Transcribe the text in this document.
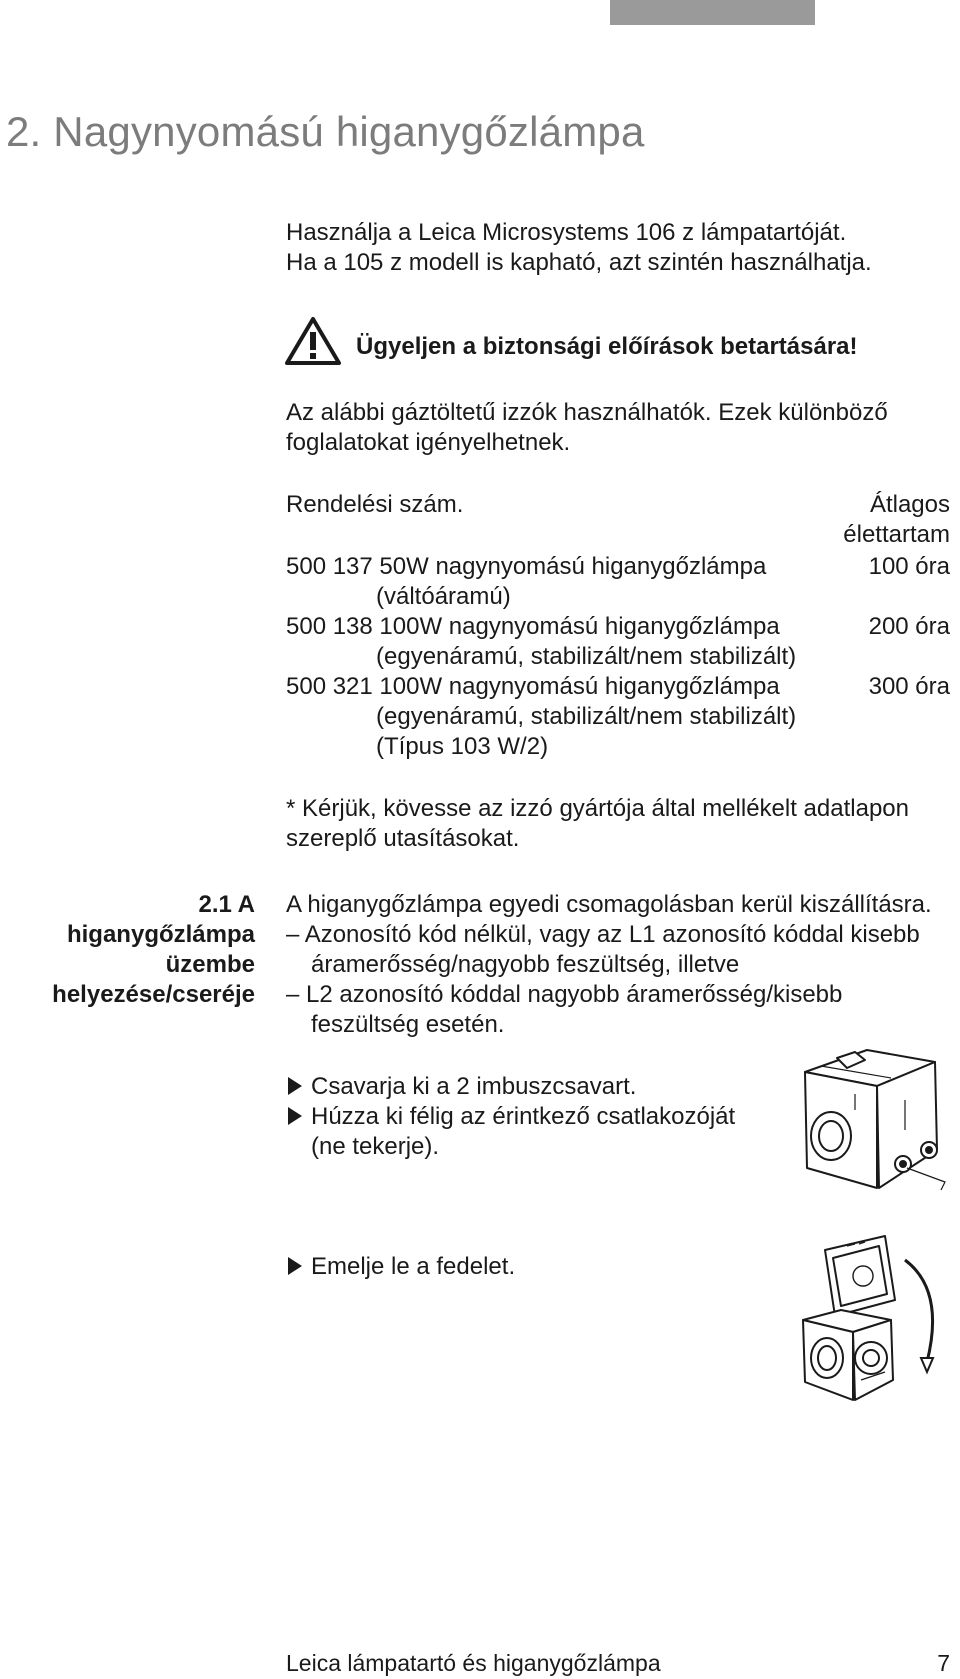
2. Nagynyomású higanygőzlámpa

Használja a Leica Microsystems 106 z lámpatartóját.

Ha a 105 z modell is kapható, azt szintén használhatja.

Ügyeljen a biztonsági előírások betartására!

Az alábbi gáztöltetű izzók használhatók. Ezek különböző

foglalatokat igényelhetnek.

Rendelési szám.	Átlagos

élettartam

500 137 50W nagynyomású higanygőzlámpa	100 óra

(váltóáramú)

500 138 100W nagynyomású higanygőzlámpa	200 óra

(egyenáramú, stabilizált/nem stabilizált)

500 321 100W nagynyomású higanygőzlámpa	300 óra

(egyenáramú, stabilizált/nem stabilizált)

(Típus 103 W/2)

* Kérjük, kövesse az izzó gyártója által mellékelt adatlapon

szereplő utasításokat.

2.1 A higanygőzlámpa
üzembe
helyezése/cseréje

A higanygőzlámpa egyedi csomagolásban kerül kiszállításra.

– Azonosító kód nélkül, vagy az L1 azonosító kóddal kisebb

áramerősség/nagyobb feszültség, illetve

– L2 azonosító kóddal nagyobb áramerősség/kisebb

feszültség esetén.

Csavarja ki a 2 imbuszcsavart.

Húzza ki félig az érintkező csatlakozóját

(ne tekerje).

Emelje le a fedelet.

Leica lámpatartó és higanygőzlámpa	7
